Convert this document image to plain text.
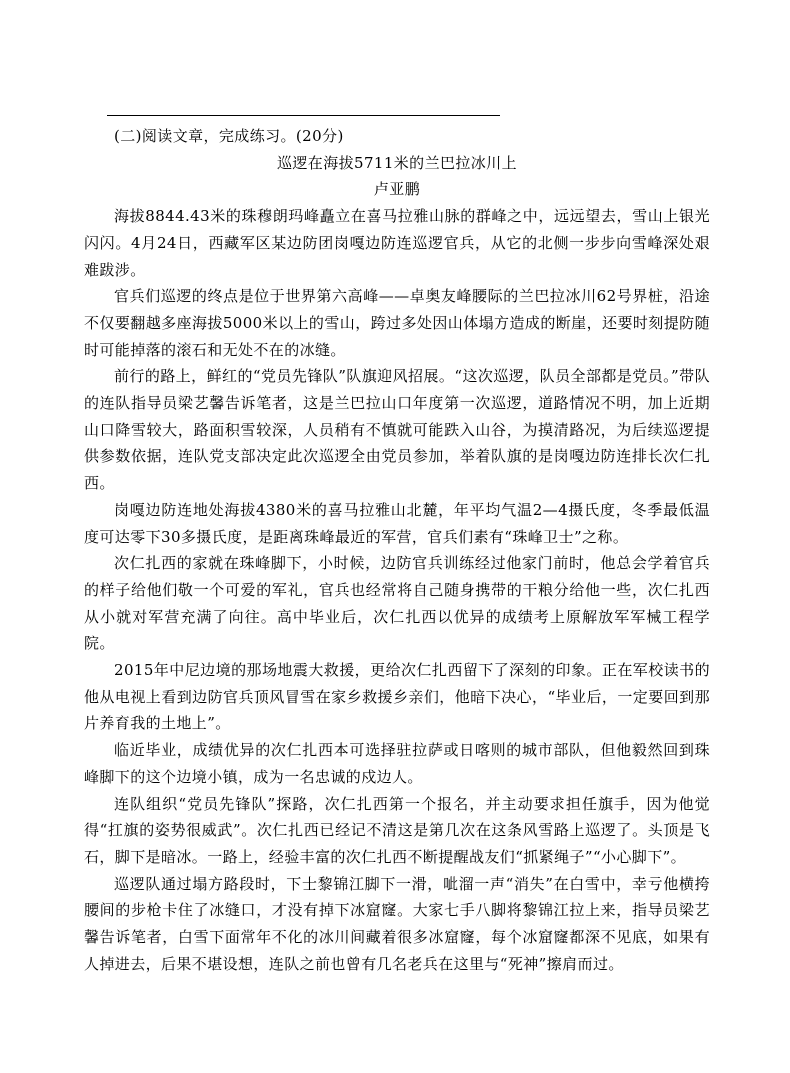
(二)阅读文章，完成练习。(20分)

巡逻在海拔5711米的兰巴拉冰川上

卢亚鹏

海拔8844.43米的珠穆朗玛峰矗立在喜马拉雅山脉的群峰之中，远远望去，雪山上银光闪闪。4月24日，西藏军区某边防团岗嘎边防连巡逻官兵，从它的北侧一步步向雪峰深处艰难跋涉。

官兵们巡逻的终点是位于世界第六高峰——卓奥友峰腰际的兰巴拉冰川62号界桩，沿途不仅要翻越多座海拔5000米以上的雪山，跨过多处因山体塌方造成的断崖，还要时刻提防随时可能掉落的滚石和无处不在的冰缝。

前行的路上，鲜红的“党员先锋队”队旗迎风招展。“这次巡逻，队员全部都是党员。”带队的连队指导员梁艺馨告诉笔者，这是兰巴拉山口年度第一次巡逻，道路情况不明，加上近期山口降雪较大，路面积雪较深，人员稍有不慎就可能跌入山谷，为摸清路况，为后续巡逻提供参数依据，连队党支部决定此次巡逻全由党员参加，举着队旗的是岗嘎边防连排长次仁扎西。

岗嘎边防连地处海拔4380米的喜马拉雅山北麓，年平均气温2—4摄氏度，冬季最低温度可达零下30多摄氏度，是距离珠峰最近的军营，官兵们素有“珠峰卫士”之称。

次仁扎西的家就在珠峰脚下，小时候，边防官兵训练经过他家门前时，他总会学着官兵的样子给他们敬一个可爱的军礼，官兵也经常将自己随身携带的干粮分给他一些，次仁扎西从小就对军营充满了向往。高中毕业后，次仁扎西以优异的成绩考上原解放军军械工程学院。

2015年中尼边境的那场地震大救援，更给次仁扎西留下了深刻的印象。正在军校读书的他从电视上看到边防官兵顶风冒雪在家乡救援乡亲们，他暗下决心，“毕业后，一定要回到那片养育我的土地上”。

临近毕业，成绩优异的次仁扎西本可选择驻拉萨或日喀则的城市部队，但他毅然回到珠峰脚下的这个边境小镇，成为一名忠诚的戍边人。

连队组织“党员先锋队”探路，次仁扎西第一个报名，并主动要求担任旗手，因为他觉得“扛旗的姿势很威武”。次仁扎西已经记不清这是第几次在这条风雪路上巡逻了。头顶是飞石，脚下是暗冰。一路上，经验丰富的次仁扎西不断提醒战友们“抓紧绳子”“小心脚下”。

巡逻队通过塌方路段时，下士黎锦江脚下一滑，呲溜一声“消失”在白雪中，幸亏他横挎腰间的步枪卡住了冰缝口，才没有掉下冰窟窿。大家七手八脚将黎锦江拉上来，指导员梁艺馨告诉笔者，白雪下面常年不化的冰川间藏着很多冰窟窿，每个冰窟窿都深不见底，如果有人掉进去，后果不堪设想，连队之前也曾有几名老兵在这里与“死神”擦肩而过。
